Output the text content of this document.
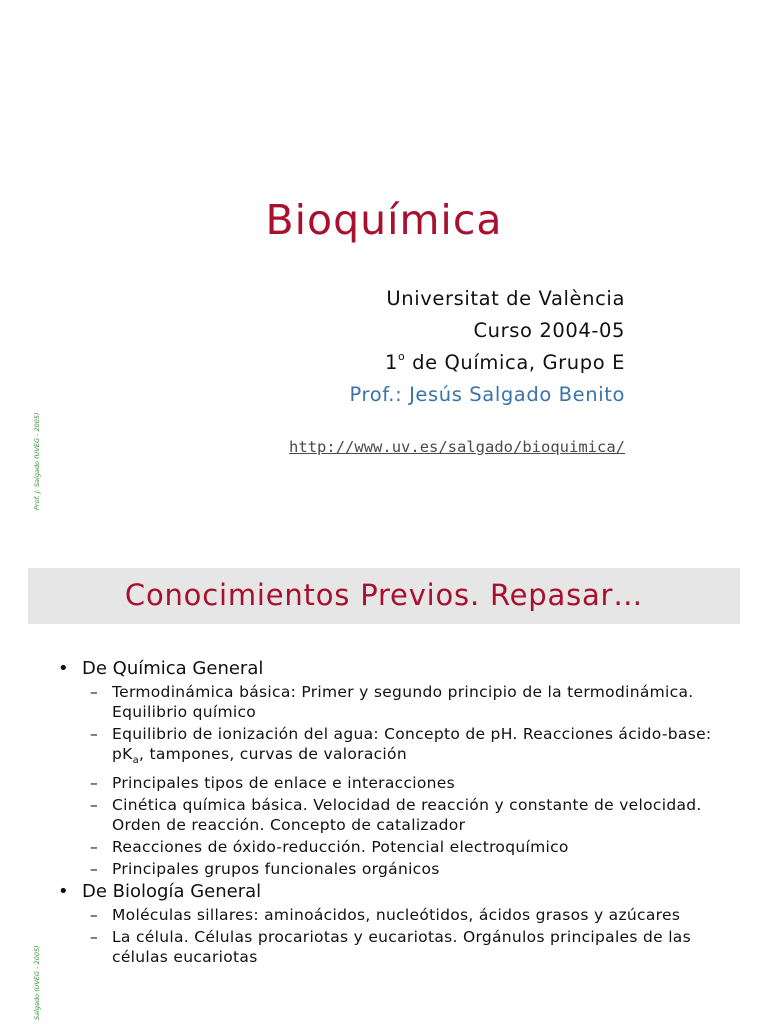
Bioquímica
Universitat de València
Curso 2004-05
1$^o$ de Química, Grupo E
Prof.: Jesús Salgado Benito
http://www.uv.es/salgado/bioquimica/
Prof. J. Salgado (UVEG - 2005)
Conocimientos Previos. Repasar…
• De Química General
– Termodinámica básica: Primer y segundo principio de la termodinámica. Equilibrio químico
– Equilibrio de ionización del agua: Concepto de pH. Reacciones ácido-base: $pK_a$, tampones, curvas de valoración
– Principales tipos de enlace e interacciones
– Cinética química básica. Velocidad de reacción y constante de velocidad. Orden de reacción. Concepto de catalizador
– Reacciones de óxido-reducción. Potencial electroquímico
– Principales grupos funcionales orgánicos
• De Biología General
– Moléculas sillares: aminoácidos, nucleótidos, ácidos grasos y azúcares
– La célula. Células procariotas y eucariotas. Orgánulos principales de las células eucariotas
Salgado (UVEG - 2005)
